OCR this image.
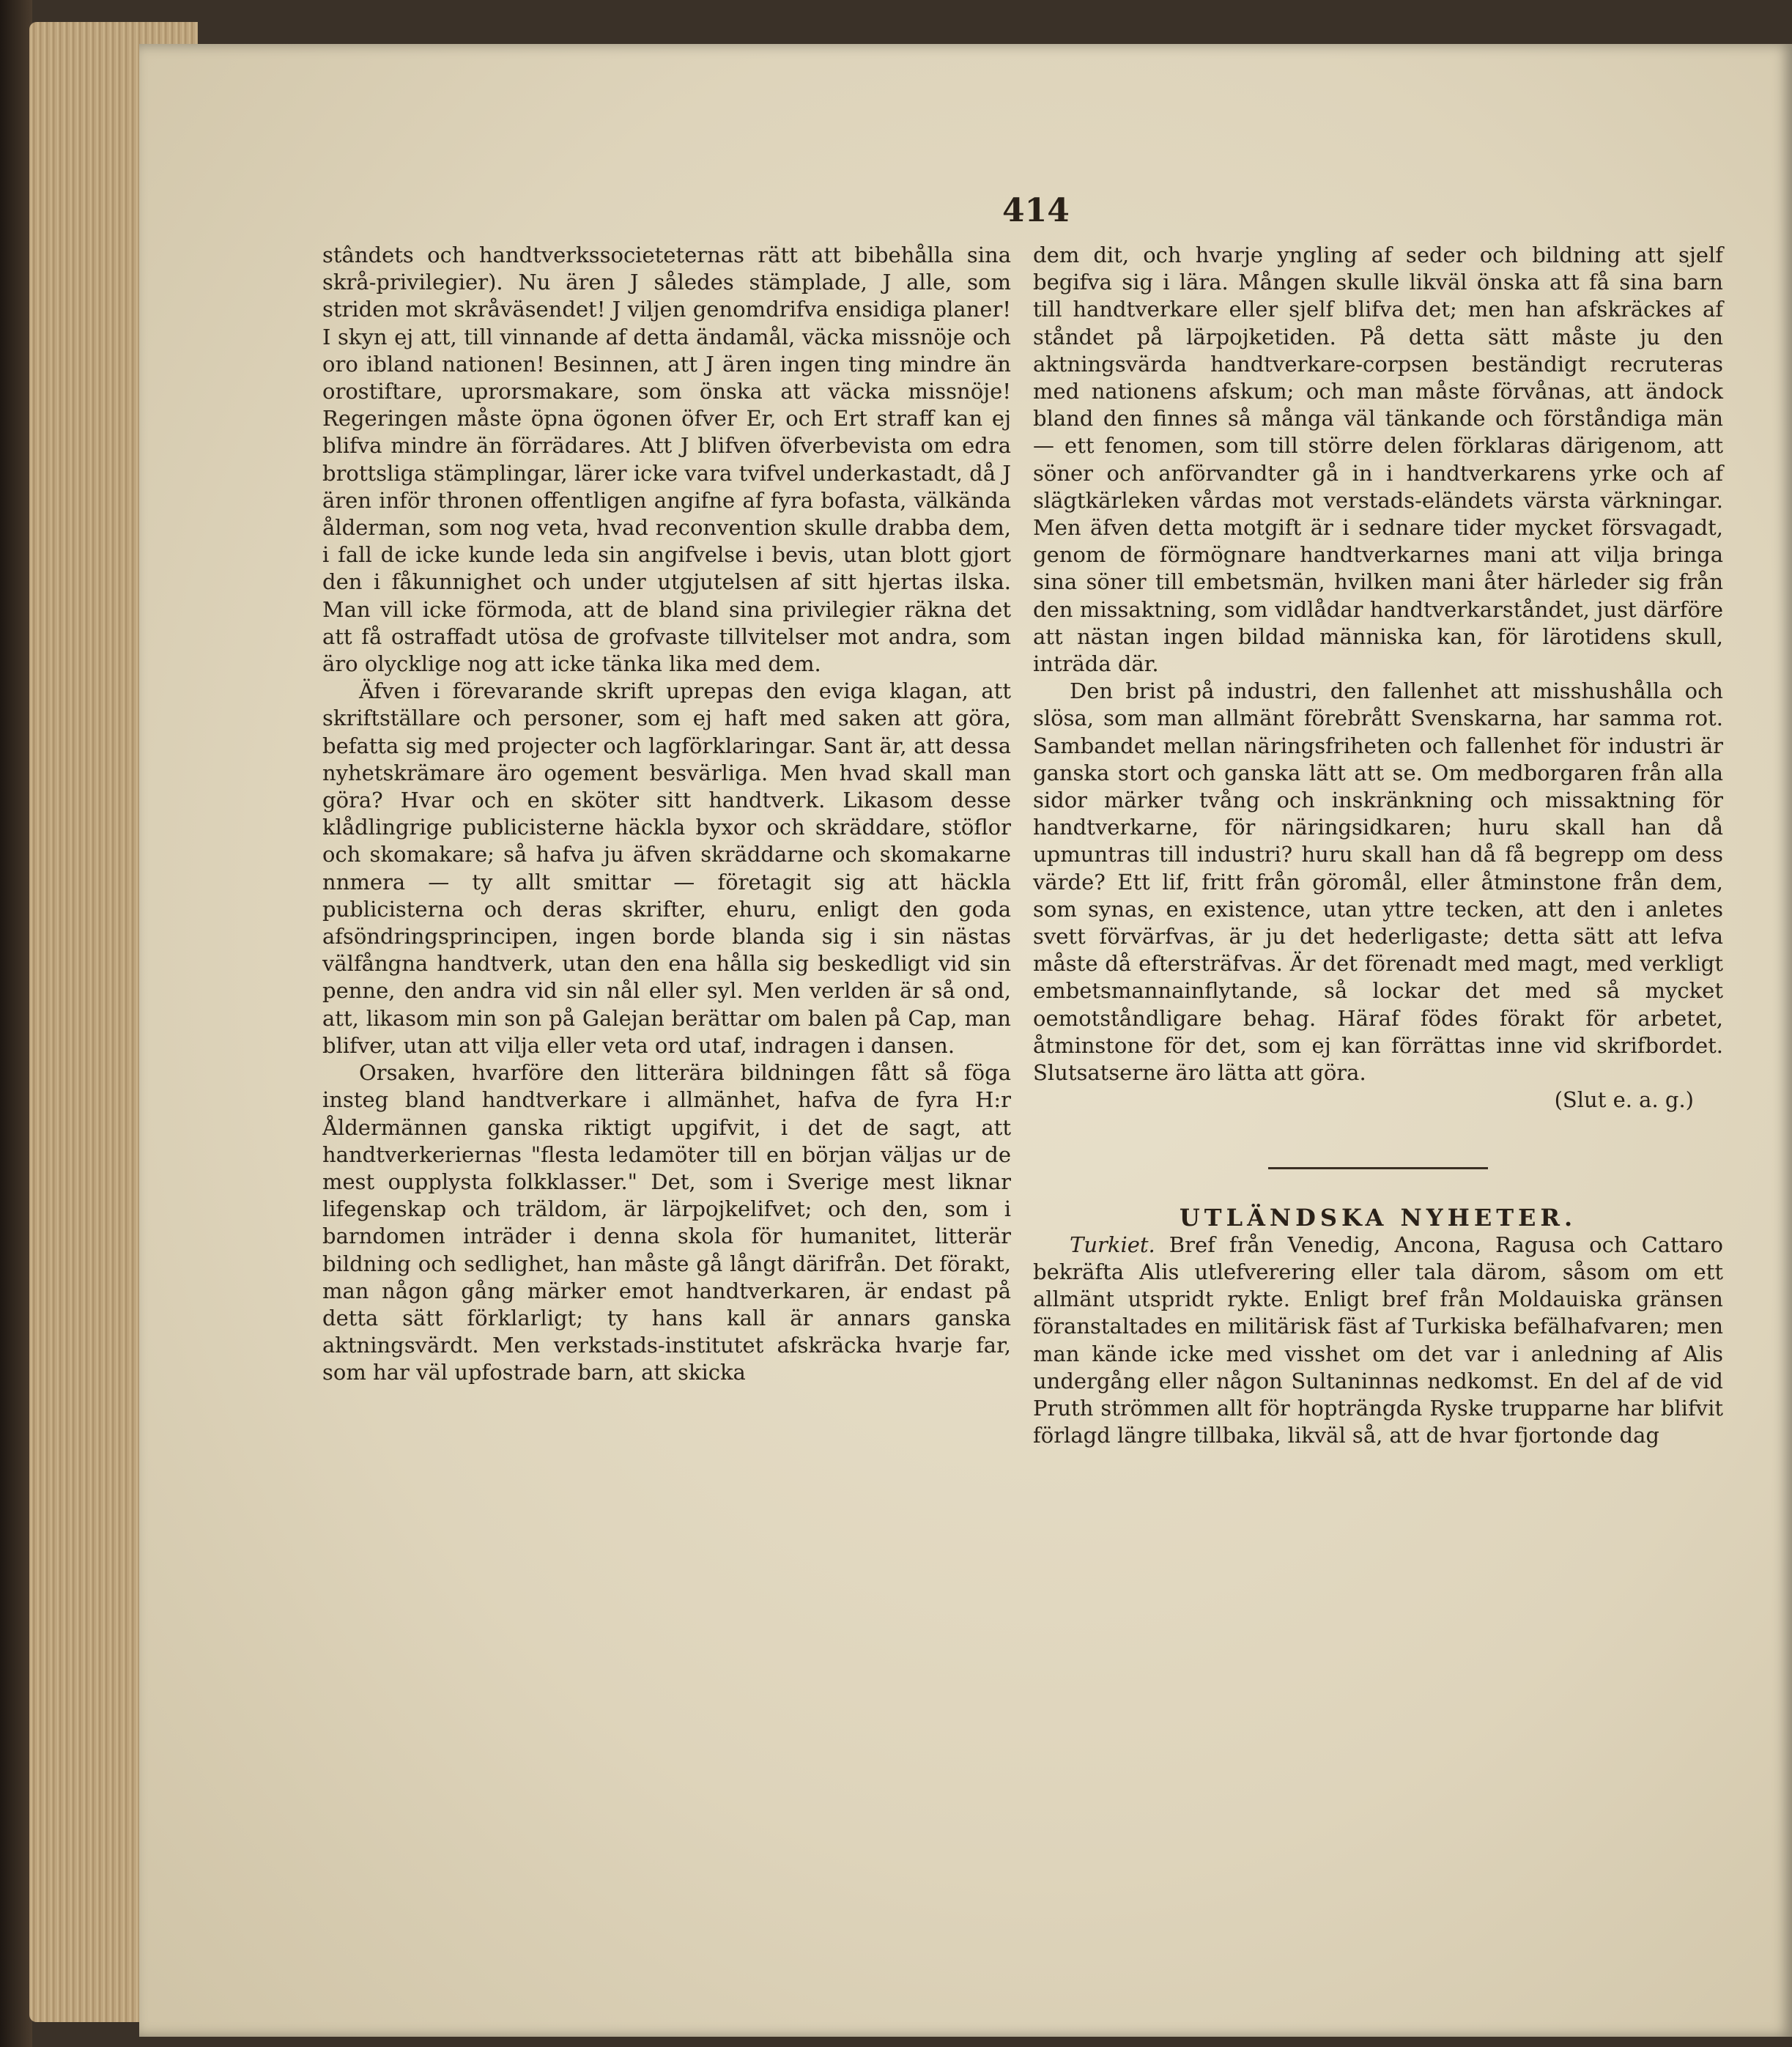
414

stândets och handtverkssocieteternas rätt att bibehålla sina skrå-privilegier). Nu ären J således stämplade, J alle, som striden mot skråväsendet! J viljen genomdrifva ensidiga planer! I skyn ej att, till vinnande af detta ändamål, väcka missnöje och oro ibland nationen! Besinnen, att J ären ingen ting mindre än orostiftare, uprorsmakare, som önska att väcka missnöje! Regeringen måste öpna ögonen öfver Er, och Ert straff kan ej blifva mindre än förrädares. Att J blifven öfverbevista om edra brottsliga stämplingar, lärer icke vara tvifvel underkastadt, då J ären inför thronen offentligen angifne af fyra bofasta, välkända ålderman, som nog veta, hvad reconvention skulle drabba dem, i fall de icke kunde leda sin angifvelse i bevis, utan blott gjort den i fåkunnighet och under utgjutelsen af sitt hjertas ilska. Man vill icke förmoda, att de bland sina privilegier räkna det att få ostraffadt utösa de grofvaste tillvitelser mot andra, som äro olycklige nog att icke tänka lika med dem.

Äfven i förevarande skrift uprepas den eviga klagan, att skriftställare och personer, som ej haft med saken att göra, befatta sig med projecter och lagförklaringar. Sant är, att dessa nyhetskrämare äro ogement besvärliga. Men hvad skall man göra? Hvar och en sköter sitt handtverk. Likasom desse klådlingrige publicisterne häckla byxor och skräddare, stöflor och skomakare; så hafva ju äfven skräddarne och skomakarne nnmera — ty allt smittar — företagit sig att häckla publicisterna och deras skrifter, ehuru, enligt den goda afsöndringsprincipen, ingen borde blanda sig i sin nästas välfångna handtverk, utan den ena hålla sig beskedligt vid sin penne, den andra vid sin nål eller syl. Men verlden är så ond, att, likasom min son på Galejan berättar om balen på Cap, man blifver, utan att vilja eller veta ord utaf, indragen i dansen.

Orsaken, hvarföre den litterära bildningen fått så föga insteg bland handtverkare i allmänhet, hafva de fyra H:r Åldermännen ganska riktigt upgifvit, i det de sagt, att handtverkeriernas "flesta ledamöter till en början väljas ur de mest oupplysta folkklasser." Det, som i Sverige mest liknar lifegenskap och träldom, är lärpojkelifvet; och den, som i barndomen inträder i denna skola för humanitet, litterär bildning och sedlighet, han måste gå långt därifrån. Det förakt, man någon gång märker emot handtverkaren, är endast på detta sätt förklarligt; ty hans kall är annars ganska aktningsvärdt. Men verkstads-institutet afskräcka hvarje far, som har väl upfostrade barn, att skicka

dem dit, och hvarje yngling af seder och bildning att sjelf begifva sig i lära. Mången skulle likväl önska att få sina barn till handtverkare eller sjelf blifva det; men han afskräckes af ståndet på lärpojketiden. På detta sätt måste ju den aktningsvärda handtverkare-corpsen beständigt recruteras med nationens afskum; och man måste förvånas, att ändock bland den finnes så många väl tänkande och förståndiga män — ett fenomen, som till större delen förklaras därigenom, att söner och anförvandter gå in i handtverkarens yrke och af slägtkärleken vårdas mot verstads-eländets värsta värkningar. Men äfven detta motgift är i sednare tider mycket försvagadt, genom de förmögnare handtverkarnes mani att vilja bringa sina söner till embetsmän, hvilken mani åter härleder sig från den missaktning, som vidlådar handtverkarståndet, just därföre att nästan ingen bildad människa kan, för lärotidens skull, inträda där.

Den brist på industri, den fallenhet att misshushålla och slösa, som man allmänt förebrått Svenskarna, har samma rot. Sambandet mellan näringsfriheten och fallenhet för industri är ganska stort och ganska lätt att se. Om medborgaren från alla sidor märker tvång och inskränkning och missaktning för handtverkarne, för näringsidkaren; huru skall han då upmuntras till industri? huru skall han då få begrepp om dess värde? Ett lif, fritt från göromål, eller åtminstone från dem, som synas, en existence, utan yttre tecken, att den i anletes svett förvärfvas, är ju det hederligaste; detta sätt att lefva måste då eftersträfvas. Är det förenadt med magt, med verkligt embetsmannainflytande, så lockar det med så mycket oemotståndligare behag. Häraf födes förakt för arbetet, åtminstone för det, som ej kan förrättas inne vid skrifbordet. Slutsatserne äro lätta att göra.

(Slut e. a. g.)

UTLÄNDSKA NYHETER.

Turkiet. Bref från Venedig, Ancona, Ragusa och Cattaro bekräfta Alis utlefverering eller tala därom, såsom om ett allmänt utspridt rykte. Enligt bref från Moldauiska gränsen föranstaltades en militärisk fäst af Turkiska befälhafvaren; men man kände icke med visshet om det var i anledning af Alis undergång eller någon Sultaninnas nedkomst. En del af de vid Pruth strömmen allt för hopträngda Ryske trupparne har blifvit förlagd längre tillbaka, likväl så, att de hvar fjortonde dag
